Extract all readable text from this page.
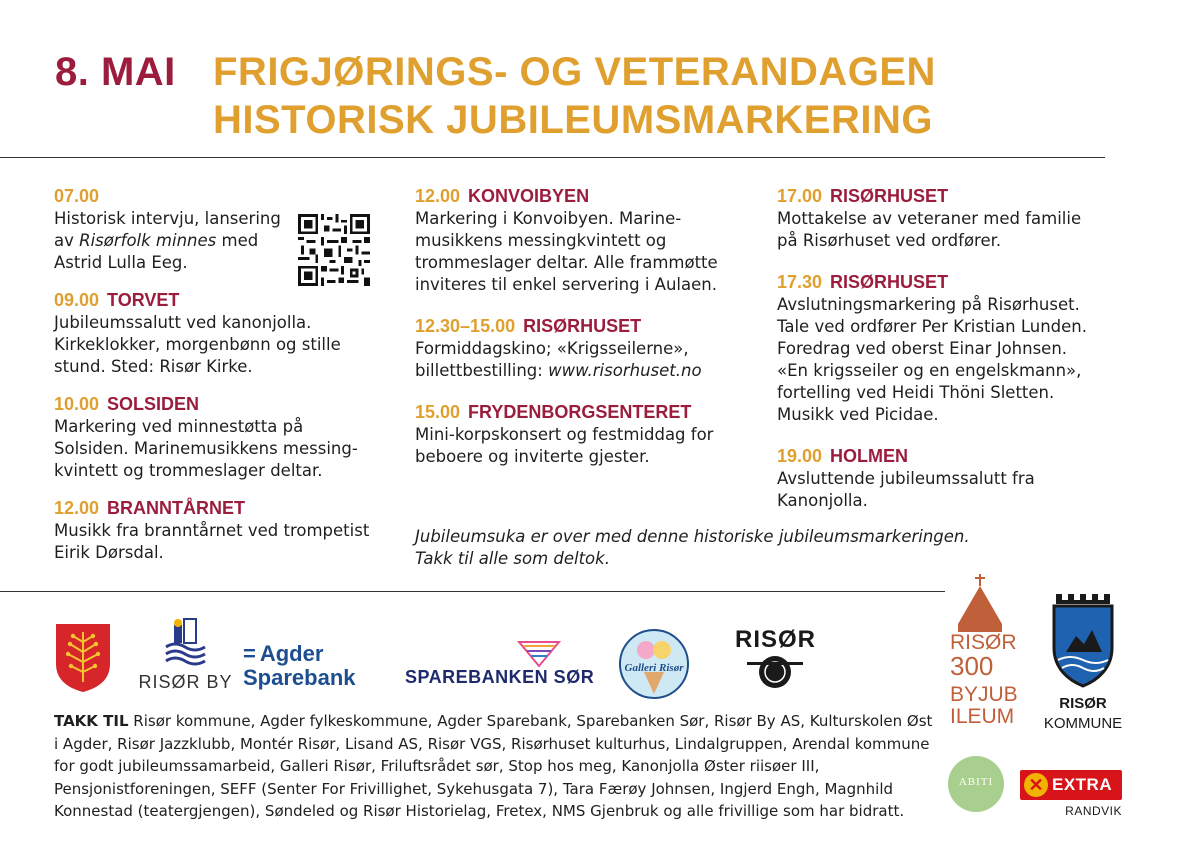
8. MAI FRIGJØRINGS- OG VETERANDAGEN
HISTORISK JUBILEUMSMARKERING
07.00
Historisk intervju, lansering
av Risørfolk minnes med
Astrid Lulla Eeg.
09.00 TORVET
Jubileumssalutt ved kanonjolla.
Kirkeklokker, morgenbønn og stille
stund. Sted: Risør Kirke.
10.00 SOLSIDEN
Markering ved minnestøtta på
Solsiden. Marinemusikkens messing-
kvintett og trommeslager deltar.
12.00 BRANNTÅRNET
Musikk fra branntårnet ved trompetist
Eirik Dørsdal.
12.00 KONVOIBYEN
Markering i Konvoibyen. Marine-
musikkens messingkvintett og
trommeslager deltar. Alle frammøtte
inviteres til enkel servering i Aulaen.
12.30–15.00 RISØRHUSET
Formiddagskino; «Krigsseilerne»,
billettbestilling: www.risorhuset.no
15.00 FRYDENBORGSENTERET
Mini-korpskonsert og festmiddag for
beboere og inviterte gjester.
17.00 RISØRHUSET
Mottakelse av veteraner med familie
på Risørhuset ved ordfører.
17.30 RISØRHUSET
Avslutningsmarkering på Risørhuset.
Tale ved ordfører Per Kristian Lunden.
Foredrag ved oberst Einar Johnsen.
«En krigsseiler og en engelskmann»,
fortelling ved Heidi Thöni Sletten.
Musikk ved Picidae.
19.00 HOLMEN
Avsluttende jubileumssalutt fra
Kanonjolla.
Jubileumsuka er over med denne historiske jubileumsmarkeringen.
Takk til alle som deltok.
RISØR BY
= Agder
Sparebank	SPAREBANKEN SØR	Galleri Risør
RISØR
TAKK TIL Risør kommune, Agder fylkeskommune, Agder Sparebank, Sparebanken Sør, Risør By AS, Kulturskolen Øst i Agder, Risør Jazzklubb, Montér Risør, Lisand AS, Risør VGS, Risørhuset kulturhus, Lindalgruppen, Arendal kommune for godt jubileumssamarbeid, Galleri Risør, Friluftsrådet sør, Stop hos meg, Kanonjolla Øster riisøer III, Pensjonistforeningen, SEFF (Senter For Frivillighet, Sykehusgata 7), Tara Færøy Johnsen, Ingjerd Engh, Magnhild Konnestad (teatergjengen), Søndeled og Risør Historielag, Fretex, NMS Gjenbruk og alle frivillige som har bidratt.
RISØR
300
BYJUB
ILEUM
RISØR
KOMMUNE
ABITI	✕ EXTRA
RANDVIK
